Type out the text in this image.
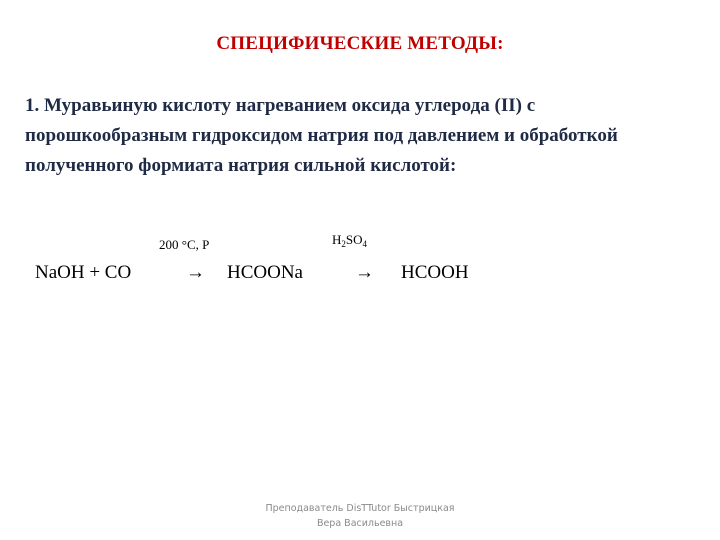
СПЕЦИФИЧЕСКИЕ МЕТОДЫ:
1. Муравьиную кислоту нагреванием оксида углерода (II) с порошкообразным гидроксидом натрия под давлением и обработкой полученного формиата натрия сильной кислотой:
200 °C, P	$H_2SO_4$
NaOH + CO	→ HCOONa	→ HCOOH
Преподаватель DisTTutor Быстрицкая
Вера Васильевна
